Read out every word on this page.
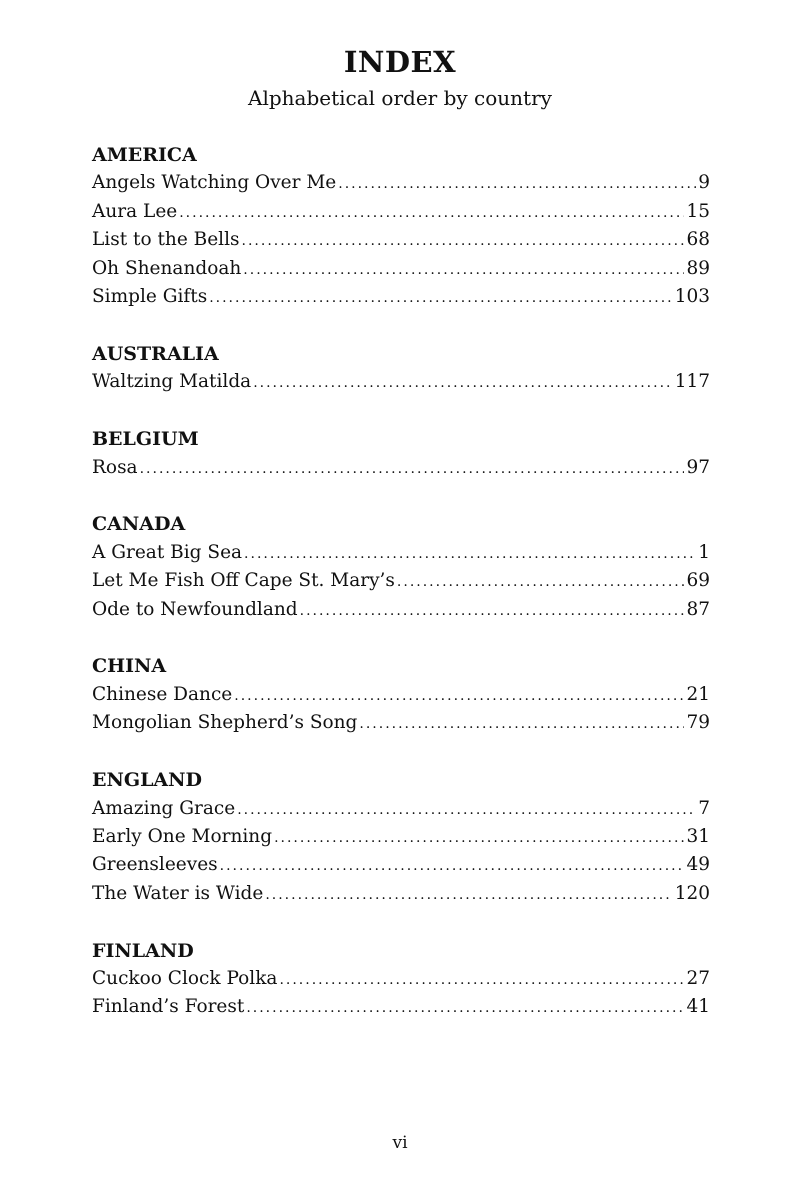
INDEX
Alphabetical order by country
AMERICA
Angels Watching Over Me .....	9
Aura Lee .....	15
List to the Bells .....	68
Oh Shenandoah .....	89
Simple Gifts .....	103
AUSTRALIA
Waltzing Matilda .....	117
BELGIUM
Rosa .....	97
CANADA
A Great Big Sea .....	1
Let Me Fish Off Cape St. Mary’s .....	69
Ode to Newfoundland .....	87
CHINA
Chinese Dance .....	21
Mongolian Shepherd’s Song .....	79
ENGLAND
Amazing Grace .....	7
Early One Morning .....	31
Greensleeves .....	49
The Water is Wide .....	120
FINLAND
Cuckoo Clock Polka .....	27
Finland’s Forest .....	41
vi
